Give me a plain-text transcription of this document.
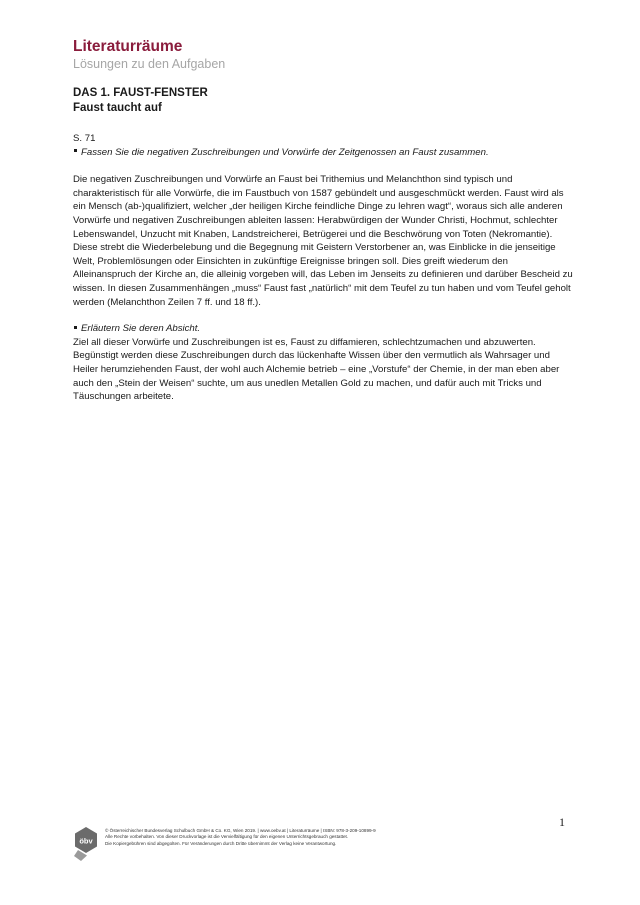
Literaturräume
Lösungen zu den Aufgaben
DAS 1. FAUST-FENSTER
Faust taucht auf
S. 71
Fassen Sie die negativen Zuschreibungen und Vorwürfe der Zeitgenossen an Faust zusammen.

Die negativen Zuschreibungen und Vorwürfe an Faust bei Trithemius und Melanchthon sind typisch und charakteristisch für alle Vorwürfe, die im Faustbuch von 1587 gebündelt und ausgeschmückt werden. Faust wird als ein Mensch (ab-)qualifiziert, welcher „der heiligen Kirche feindliche Dinge zu lehren wagt“, woraus sich alle anderen Vorwürfe und negativen Zuschreibungen ableiten lassen: Herabwürdigen der Wunder Christi, Hochmut, schlechter Lebenswandel, Unzucht mit Knaben, Landstreicherei, Betrügerei und die Beschwörung von Toten (Nekromantie). Diese strebt die Wiederbelebung und die Begegnung mit Geistern Verstorbener an, was Einblicke in die jenseitige Welt, Problemlösungen oder Einsichten in zukünftige Ereignisse bringen soll. Dies greift wiederum den Alleinanspruch der Kirche an, die alleinig vorgeben will, das Leben im Jenseits zu definieren und darüber Bescheid zu wissen. In diesen Zusammenhängen „muss“ Faust fast „natürlich“ mit dem Teufel zu tun haben und vom Teufel geholt werden (Melanchthon Zeilen 7 ff. und 18 ff.).

Erläutern Sie deren Absicht.

Ziel all dieser Vorwürfe und Zuschreibungen ist es, Faust zu diffamieren, schlechtzumachen und abzuwerten. Begünstigt werden diese Zuschreibungen durch das lückenhafte Wissen über den vermutlich als Wahrsager und Heiler herumziehenden Faust, der wohl auch Alchemie betrieb – eine „Vorstufe“ der Chemie, in der man eben aber auch den „Stein der Weisen“ suchte, um aus unedlen Metallen Gold zu machen, und dafür auch mit Tricks und Täuschungen arbeitete.

1
öbv
© Österreichischer Bundesverlag Schulbuch GmbH & Co. KG, Wien 2019. | www.oebv.at | Literaturräume | ISBN: 978-3-209-10899-9
Alle Rechte vorbehalten. Von dieser Druckvorlage ist die Vervielfältigung für den eigenen Unterrichtsgebrauch gestattet.
Die Kopiergebühren sind abgegolten. Für Veränderungen durch Dritte übernimmt der Verlag keine Verantwortung.
